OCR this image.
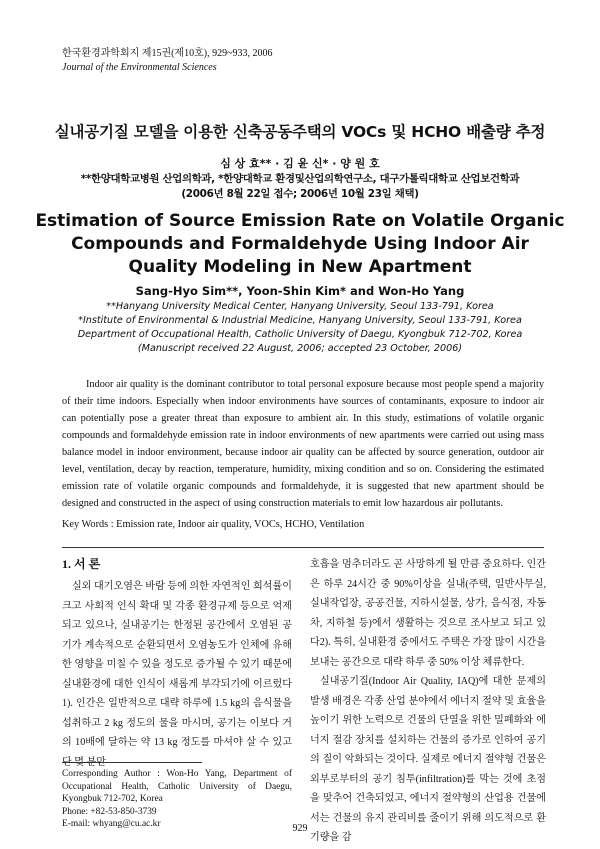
한국환경과학회지 제15권(제10호), 929~933, 2006
Journal of the Environmental Sciences
실내공기질 모델을 이용한 신축공동주택의 VOCs 및 HCHO 배출량 추정
심 상 효** · 김 윤 신* · 양 원 호
**한양대학교병원 산업의학과, *한양대학교 환경및산업의학연구소, 대구가톨릭대학교 산업보건학과
(2006년 8월 22일 접수; 2006년 10월 23일 채택)
Estimation of Source Emission Rate on Volatile Organic
Compounds and Formaldehyde Using Indoor Air
Quality Modeling in New Apartment
Sang-Hyo Sim**, Yoon-Shin Kim* and Won-Ho Yang
**Hanyang University Medical Center, Hanyang University, Seoul 133-791, Korea
*Institute of Environmental & Industrial Medicine, Hanyang University, Seoul 133-791, Korea
Department of Occupational Health, Catholic University of Daegu, Kyongbuk 712-702, Korea
(Manuscript received 22 August, 2006; accepted 23 October, 2006)

Indoor air quality is the dominant contributor to total personal exposure because most people spend a majority of their time indoors. Especially when indoor environments have sources of contaminants, exposure to indoor air can potentially pose a greater threat than exposure to ambient air. In this study, estimations of volatile organic compounds and formaldehyde emission rate in indoor environments of new apartments were carried out using mass balance model in indoor environment, because indoor air quality can be affected by source generation, outdoor air level, ventilation, decay by reaction, temperature, humidity, mixing condition and so on. Considering the estimated emission rate of volatile organic compounds and formaldehyde, it is suggested that new apartment should be designed and constructed in the aspect of using construction materials to emit low hazardous air pollutants.

Key Words : Emission rate, Indoor air quality, VOCs, HCHO, Ventilation
1. 서 론

실외 대기오염은 바람 등에 의한 자연적인 희석률이 크고 사회적 인식 확대 및 각종 환경규제 등으로 억제되고 있으나, 실내공기는 한정된 공간에서 오염된 공기가 계속적으로 순환되면서 오염농도가 인체에 유해한 영향을 미칠 수 있을 정도로 증가될 수 있기 때문에 실내환경에 대한 인식이 새롭게 부각되기에 이르렀다1). 인간은 일반적으로 대략 하루에 1.5 kg의 음식물을 섭취하고 2 kg 정도의 물을 마시며, 공기는 이보다 거의 10배에 달하는 약 13 kg 정도를 마셔야 살 수 있고 단 몇 분만

호흡을 멈추더라도 곧 사망하게 될 만큼 중요하다. 인간은 하루 24시간 중 90%이상을 실내(주택, 일반사무실, 실내작업장, 공공건물, 지하시설물, 상가, 음식점, 자동차, 지하철 등)에서 생활하는 것으로 조사보고 되고 있다2). 특히, 실내환경 중에서도 주택은 가장 많이 시간을 보내는 공간으로 대략 하루 중 50% 이상 체류한다.

실내공기질(Indoor Air Quality, IAQ)에 대한 문제의 발생 배경은 각종 산업 분야에서 에너지 절약 및 효율을 높이기 위한 노력으로 건물의 단열을 위한 밀폐화와 에너지 절감 장치를 설치하는 건물의 증가로 인하여 공기의 질이 악화되는 것이다. 실제로 에너지 절약형 건물은 외부로부터의 공기 침투(infiltration)를 막는 것에 초점을 맞추어 건축되었고, 에너지 절약형의 산업용 건물에서는 건물의 유지 관리비를 줄이기 위해 의도적으로 환기량을 감

Corresponding Author : Won-Ho Yang, Department of Occupational Health, Catholic University of Daegu, Kyongbuk 712-702, Korea
Phone: +82-53-850-3739
E-mail: whyang@cu.ac.kr	929
